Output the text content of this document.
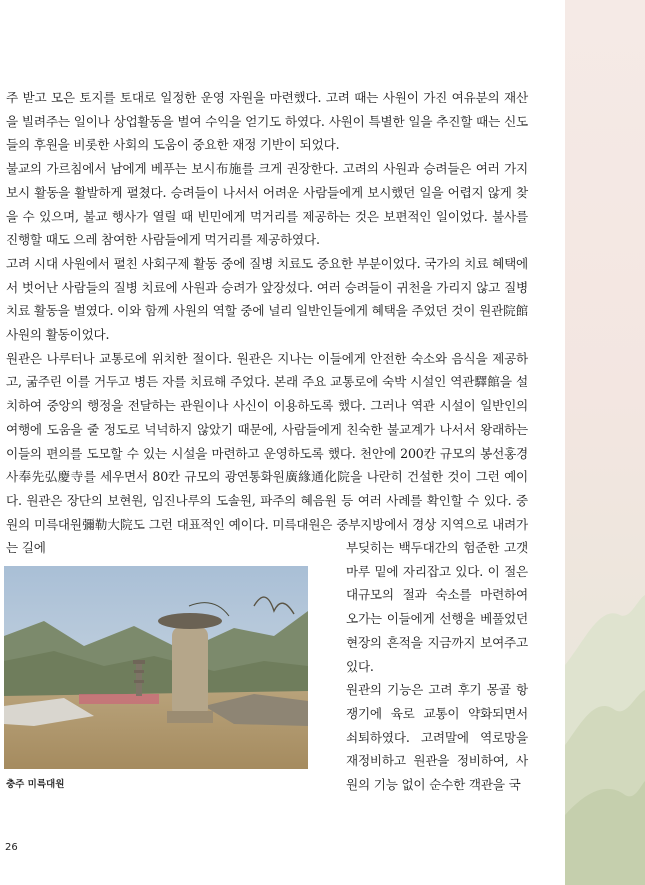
주 받고 모은 토지를 토대로 일정한 운영 자원을 마련했다. 고려 때는 사원이 가진 여유분의 재산을 빌려주는 일이나 상업활동을 벌여 수익을 얻기도 하였다. 사원이 특별한 일을 추진할 때는 신도들의 후원을 비롯한 사회의 도움이 중요한 재정 기반이 되었다.

불교의 가르침에서 남에게 베푸는 보시布施를 크게 권장한다. 고려의 사원과 승려들은 여러 가지 보시 활동을 활발하게 펼쳤다. 승려들이 나서서 어려운 사람들에게 보시했던 일을 어렵지 않게 찾을 수 있으며, 불교 행사가 열릴 때 빈민에게 먹거리를 제공하는 것은 보편적인 일이었다. 불사를 진행할 때도 으레 참여한 사람들에게 먹거리를 제공하였다.

고려 시대 사원에서 펼친 사회구제 활동 중에 질병 치료도 중요한 부분이었다. 국가의 치료 혜택에서 벗어난 사람들의 질병 치료에 사원과 승려가 앞장섰다. 여러 승려들이 귀천을 가리지 않고 질병 치료 활동을 벌였다. 이와 함께 사원의 역할 중에 널리 일반인들에게 혜택을 주었던 것이 원관院館 사원의 활동이었다.

원관은 나루터나 교통로에 위치한 절이다. 원관은 지나는 이들에게 안전한 숙소와 음식을 제공하고, 굶주린 이를 거두고 병든 자를 치료해 주었다. 본래 주요 교통로에 숙박 시설인 역관驛館을 설치하여 중앙의 행정을 전달하는 관원이나 사신이 이용하도록 했다. 그러나 역관 시설이 일반인의 여행에 도움을 줄 정도로 넉넉하지 않았기 때문에, 사람들에게 친숙한 불교계가 나서서 왕래하는 이들의 편의를 도모할 수 있는 시설을 마련하고 운영하도록 했다. 천안에 200칸 규모의 봉선홍경사奉先弘慶寺를 세우면서 80칸 규모의 광연통화원廣緣通化院을 나란히 건설한 것이 그런 예이다. 원관은 장단의 보현원, 임진나루의 도솔원, 파주의 혜음원 등 여러 사례를 확인할 수 있다. 중원의 미륵대원彌勒大院도 그런 대표적인 예이다. 미륵대원은 중부지방에서 경상 지역으로 내려가는 길에	부딪히는 백두대간의 험준한 고갯마루 밑에 자리잡고 있다. 이 절은 대규모의 절과 숙소를 마련하여 오가는 이들에게 선행을 베풀었던 현장의 흔적을 지금까지 보여주고 있다.

원관의 기능은 고려 후기 몽골 항쟁기에 육로 교통이 약화되면서 쇠퇴하였다. 고려말에 역로망을 재정비하고 원관을 정비하여, 사원의 기능 없이 순수한 객관을 국

충주 미륵대원
26
